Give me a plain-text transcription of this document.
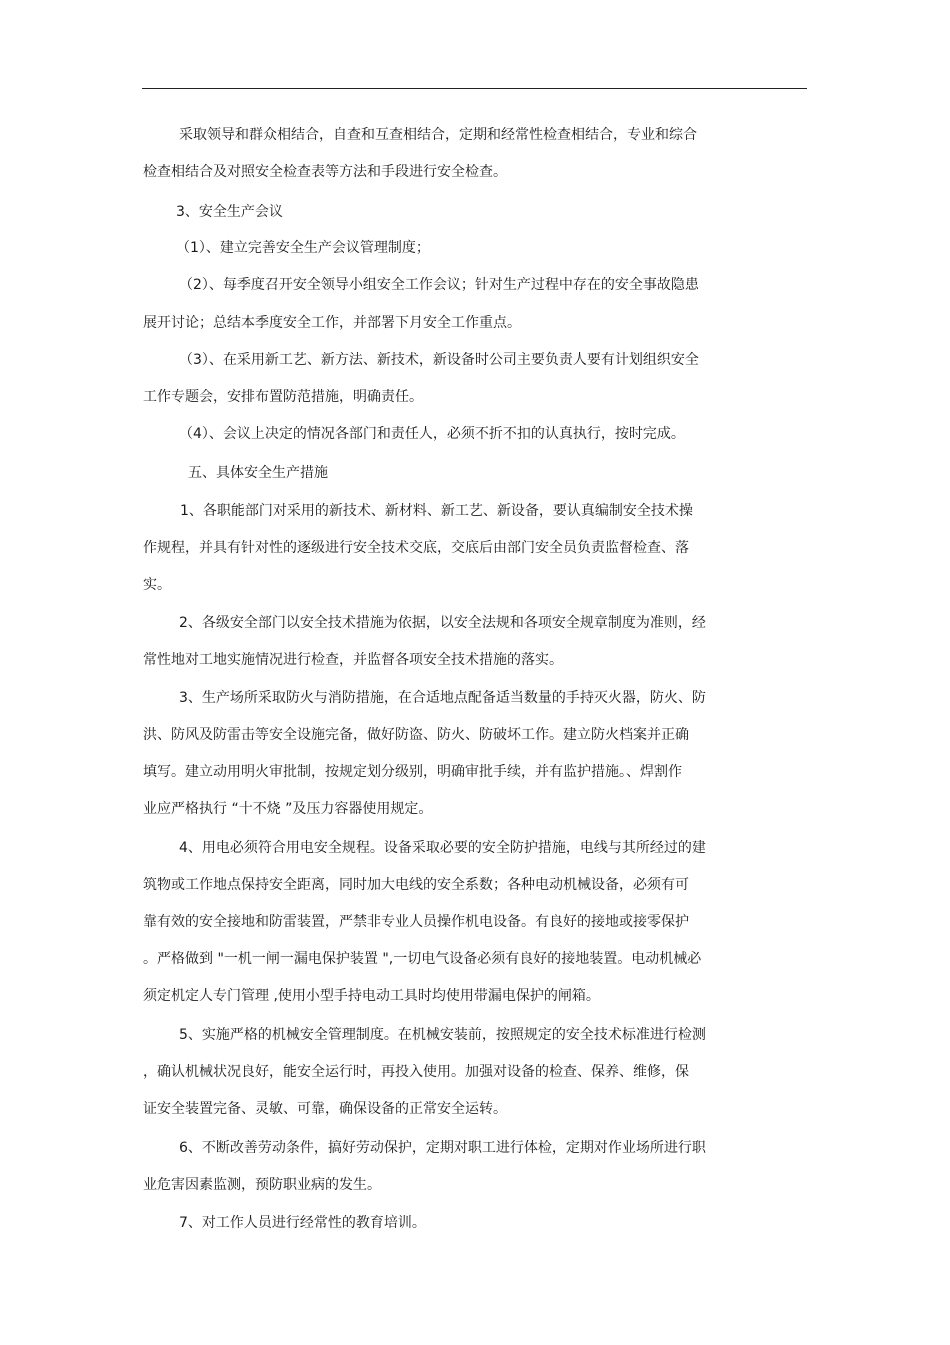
采取领导和群众相结合，自查和互查相结合，定期和经常性检查相结合，专业和综合
检查相结合及对照安全检查表等方法和手段进行安全检查。
3、安全生产会议
（1）、建立完善安全生产会议管理制度；
（2）、每季度召开安全领导小组安全工作会议；针对生产过程中存在的安全事故隐患
展开讨论；总结本季度安全工作，并部署下月安全工作重点。
（3）、在采用新工艺、新方法、新技术，新设备时公司主要负责人要有计划组织安全
工作专题会，安排布置防范措施，明确责任。
（4）、会议上决定的情况各部门和责任人，必须不折不扣的认真执行，按时完成。
五、具体安全生产措施
1、各职能部门对采用的新技术、新材料、新工艺、新设备，要认真编制安全技术操
作规程，并具有针对性的逐级进行安全技术交底，交底后由部门安全员负责监督检查、落
实。
2、各级安全部门以安全技术措施为依据，以安全法规和各项安全规章制度为准则，经
常性地对工地实施情况进行检查，并监督各项安全技术措施的落实。
3、生产场所采取防火与消防措施，在合适地点配备适当数量的手持灭火器，防火、防
洪、防风及防雷击等安全设施完备，做好防盗、防火、防破坏工作。建立防火档案并正确
填写。建立动用明火审批制，按规定划分级别，明确审批手续，并有监护措施。、焊割作
业应严格执行 “十不烧 ”及压力容器使用规定。
4、用电必须符合用电安全规程。设备采取必要的安全防护措施，电线与其所经过的建
筑物或工作地点保持安全距离，同时加大电线的安全系数；各种电动机械设备，必须有可
靠有效的安全接地和防雷装置，严禁非专业人员操作机电设备。有良好的接地或接零保护
。严格做到 "一机一闸一漏电保护装置 ",一切电气设备必须有良好的接地装置。电动机械必
须定机定人专门管理 ,使用小型手持电动工具时均使用带漏电保护的闸箱。
5、实施严格的机械安全管理制度。在机械安装前，按照规定的安全技术标准进行检测
，确认机械状况良好，能安全运行时，再投入使用。加强对设备的检查、保养、维修，保
证安全装置完备、灵敏、可靠，确保设备的正常安全运转。
6、不断改善劳动条件，搞好劳动保护，定期对职工进行体检，定期对作业场所进行职
业危害因素监测，预防职业病的发生。
7、对工作人员进行经常性的教育培训。
